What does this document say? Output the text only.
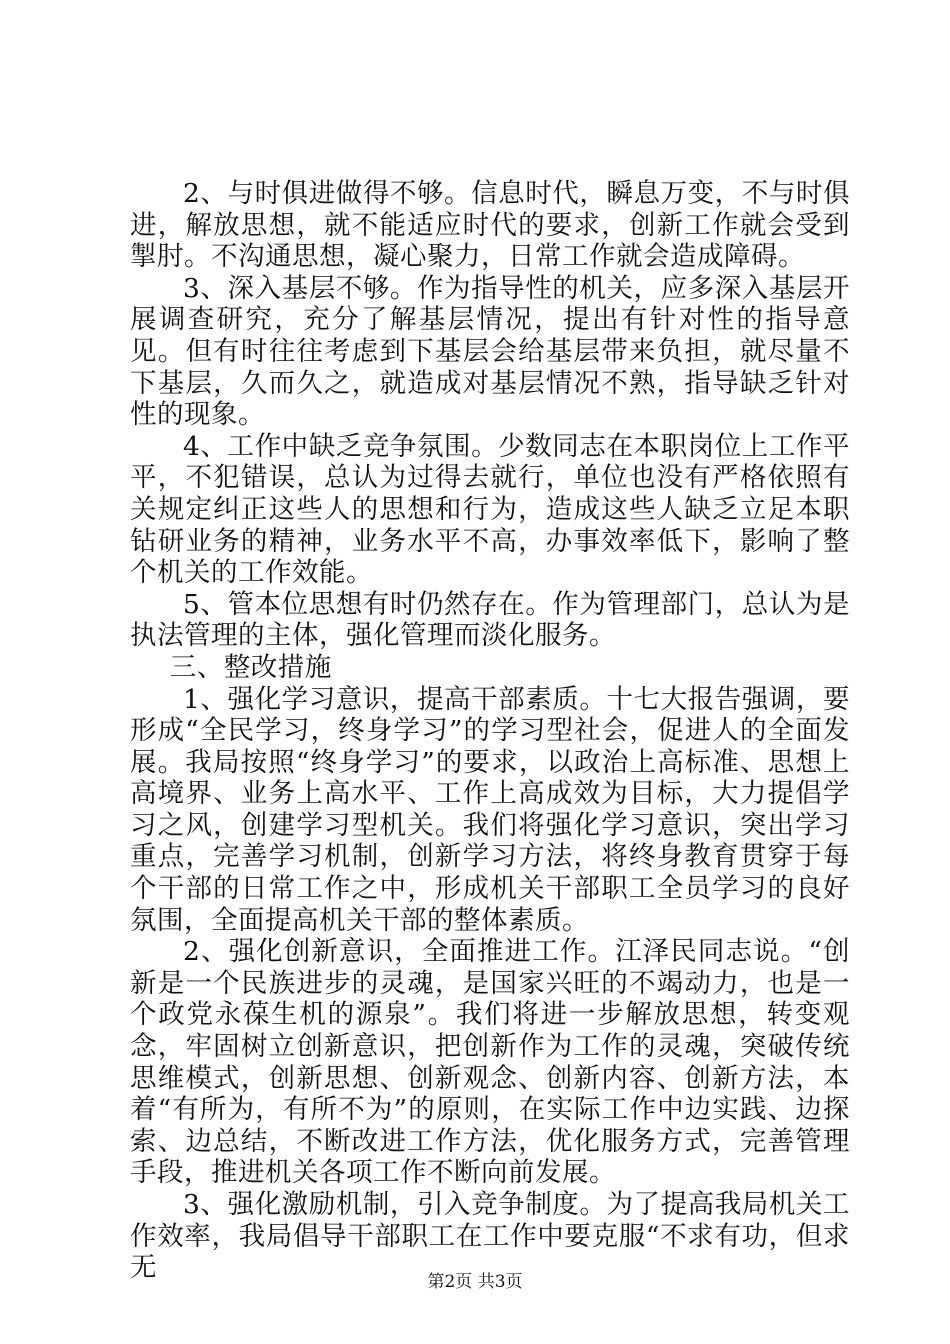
2、与时俱进做得不够。信息时代，瞬息万变，不与时俱进，解放思想，就不能适应时代的要求，创新工作就会受到掣肘。不沟通思想，凝心聚力，日常工作就会造成障碍。

3、深入基层不够。作为指导性的机关，应多深入基层开展调查研究，充分了解基层情况，提出有针对性的指导意见。但有时往往考虑到下基层会给基层带来负担，就尽量不下基层，久而久之，就造成对基层情况不熟，指导缺乏针对性的现象。

4、工作中缺乏竞争氛围。少数同志在本职岗位上工作平平，不犯错误，总认为过得去就行，单位也没有严格依照有关规定纠正这些人的思想和行为，造成这些人缺乏立足本职钻研业务的精神，业务水平不高，办事效率低下，影响了整个机关的工作效能。

5、管本位思想有时仍然存在。作为管理部门，总认为是执法管理的主体，强化管理而淡化服务。

三、整改措施

1、强化学习意识，提高干部素质。十七大报告强调，要形成“全民学习，终身学习”的学习型社会，促进人的全面发展。我局按照“终身学习”的要求，以政治上高标准、思想上高境界、业务上高水平、工作上高成效为目标，大力提倡学习之风，创建学习型机关。我们将强化学习意识，突出学习重点，完善学习机制，创新学习方法，将终身教育贯穿于每个干部的日常工作之中，形成机关干部职工全员学习的良好氛围，全面提高机关干部的整体素质。

2、强化创新意识，全面推进工作。江泽民同志说。“创新是一个民族进步的灵魂，是国家兴旺的不竭动力，也是一个政党永葆生机的源泉”。我们将进一步解放思想，转变观念，牢固树立创新意识，把创新作为工作的灵魂，突破传统思维模式，创新思想、创新观念、创新内容、创新方法，本着“有所为，有所不为”的原则，在实际工作中边实践、边探索、边总结，不断改进工作方法，优化服务方式，完善管理手段，推进机关各项工作不断向前发展。

3、强化激励机制，引入竞争制度。为了提高我局机关工作效率，我局倡导干部职工在工作中要克服“不求有功，但求无	第2页 共3页
